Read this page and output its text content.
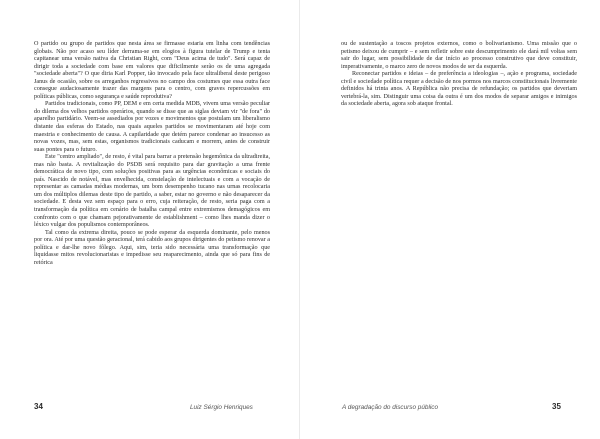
O partido ou grupo de partidos que nesta área se firmasse estaria em linha com tendências globais. Não por acaso seu líder derrama-se em elogios à figura tutelar de Trump e tenta capitanear uma versão nativa da Christian Right, com "Deus acima de tudo". Será capaz de dirigir toda a sociedade com base em valores que dificilmente serão os de uma agregada "sociedade aberta"? O que diria Karl Popper, tão invocado pela face ultraliberal deste perigoso Janus de ocasião, sobre os arreganhos regressivos no campo dos costumes que essa outra face consegue audaciosamente trazer das margens para o centro, com graves repercussões em políticas públicas, como segurança e saúde reprodutiva?

Partidos tradicionais, como PP, DEM e em certa medida MDB, vivem uma versão peculiar do dilema dos velhos partidos operários, quando se disse que as siglas deviam vir "de fora" do aparelho partidário. Veem-se assediados por vozes e movimentos que postulam um liberalismo distante das esferas do Estado, nas quais aqueles partidos se movimentaram até hoje com maestria e conhecimento de causa. A capilaridade que detém parece condenar ao insucesso as novas vozes, mas, sem estas, organismos tradicionais caducam e morrem, antes de construir suas pontes para o futuro.

Este "centro ampliado", de resto, é vital para barrar a pretensão hegemônica da ultradireita, mas não basta. A revitalização do PSDB será requisito para dar gravitação a uma frente democrática de novo tipo, com soluções positivas para as urgências econômicas e sociais do país. Nascido de notável, mas envelhecida, constelação de intelectuais e com a vocação de representar as camadas médias modernas, um bom desempenho tucano nas urnas recolocaria um dos múltiplos dilemas deste tipo de partido, a saber, estar no governo e não desaparecer da sociedade. E desta vez sem espaço para o erro, cuja reiteração, de resto, seria paga com a transformação da política em cenário de batalha campal entre extremismos demagógicos em confronto com o que chamam pejorativamente de establishment – como lhes manda dizer o léxico vulgar dos populismos contemporâneos.

Tal como da extrema direita, pouco se pode esperar da esquerda dominante, pelo menos por ora. Até por uma questão geracional, terá cabido aos grupos dirigentes do petismo renovar a política e dar-lhe novo fôlego. Aqui, sim, teria sido necessária uma transformação que liquidasse mitos revolucionaristas e impedisse seu reaparecimento, ainda que só para fins de retórica

34	Luiz Sérgio Henriques

ou de sustentação a toscos projetos externos, como o bolivarianismo. Uma missão que o petismo deixou de cumprir – e sem refletir sobre este descumprimento ele dará mil voltas sem sair do lugar, sem possibilidade de dar início ao processo construtivo que deve constituir, imperativamente, o marco zero de novos modos de ser da esquerda.

Reconectar partidos e ideias – de preferência a ideologias –, ação e programa, sociedade civil e sociedade política requer a decisão de nos pormos nos marcos constitucionais livremente definidos há trinta anos. A República não precisa de refundação; os partidos que deveriam vertebrá-la, sim. Distinguir uma coisa da outra é um dos modos de separar amigos e inimigos da sociedade aberta, agora sob ataque frontal.

A degradação do discurso público	35
